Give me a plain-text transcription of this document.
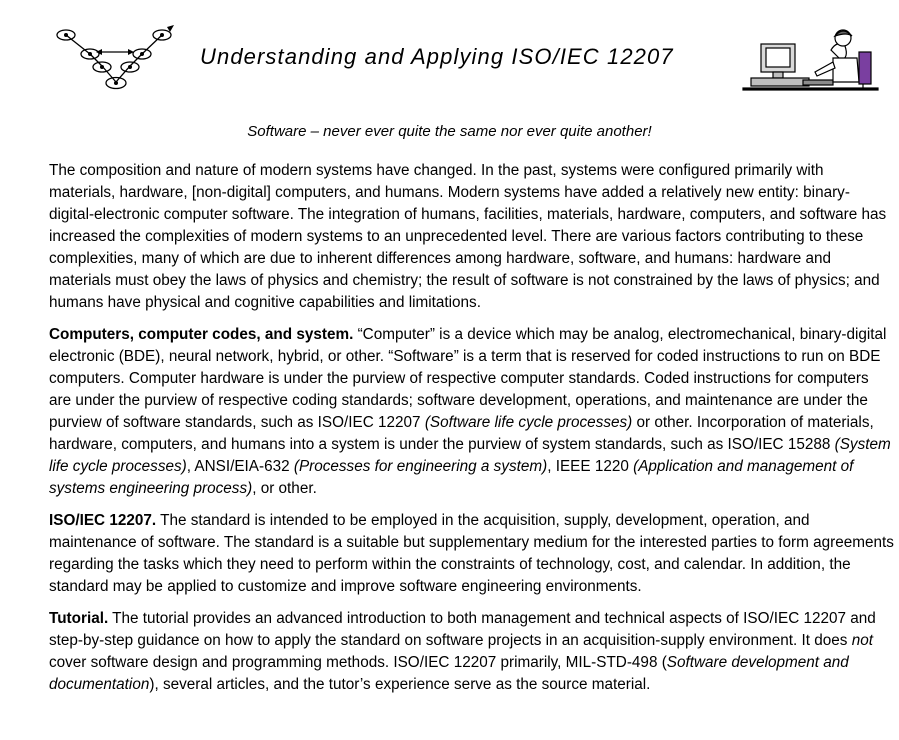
Understanding and Applying ISO/IEC 12207
Software – never ever quite the same nor ever quite another!

The composition and nature of modern systems have changed. In the past, systems were configured primarily with materials, hardware, [non-digital] computers, and humans. Modern systems have added a relatively new entity: binary-digital-electronic computer software. The integration of humans, facilities, materials, hardware, computers, and software has increased the complexities of modern systems to an unprecedented level. There are various factors contributing to these complexities, many of which are due to inherent differences among hardware, software, and humans: hardware and materials must obey the laws of physics and chemistry; the result of software is not constrained by the laws of physics; and humans have physical and cognitive capabilities and limitations.

Computers, computer codes, and system. “Computer” is a device which may be analog, electromechanical, binary-digital electronic (BDE), neural network, hybrid, or other. “Software” is a term that is reserved for coded instructions to run on BDE computers. Computer hardware is under the purview of respective computer standards. Coded instructions for computers are under the purview of respective coding standards; software development, operations, and maintenance are under the purview of software standards, such as ISO/IEC 12207 (Software life cycle processes) or other. Incorporation of materials, hardware, computers, and humans into a system is under the purview of system standards, such as ISO/IEC 15288 (System life cycle processes), ANSI/EIA-632 (Processes for engineering a system), IEEE 1220 (Application and management of systems engineering process), or other.

ISO/IEC 12207. The standard is intended to be employed in the acquisition, supply, development, operation, and maintenance of software. The standard is a suitable but supplementary medium for the interested parties to form agreements regarding the tasks which they need to perform within the constraints of technology, cost, and calendar. In addition, the standard may be applied to customize and improve software engineering environments.

Tutorial. The tutorial provides an advanced introduction to both management and technical aspects of ISO/IEC 12207 and step-by-step guidance on how to apply the standard on software projects in an acquisition-supply environment. It does not cover software design and programming methods. ISO/IEC 12207 primarily, MIL-STD-498 (Software development and documentation), several articles, and the tutor’s experience serve as the source material.
